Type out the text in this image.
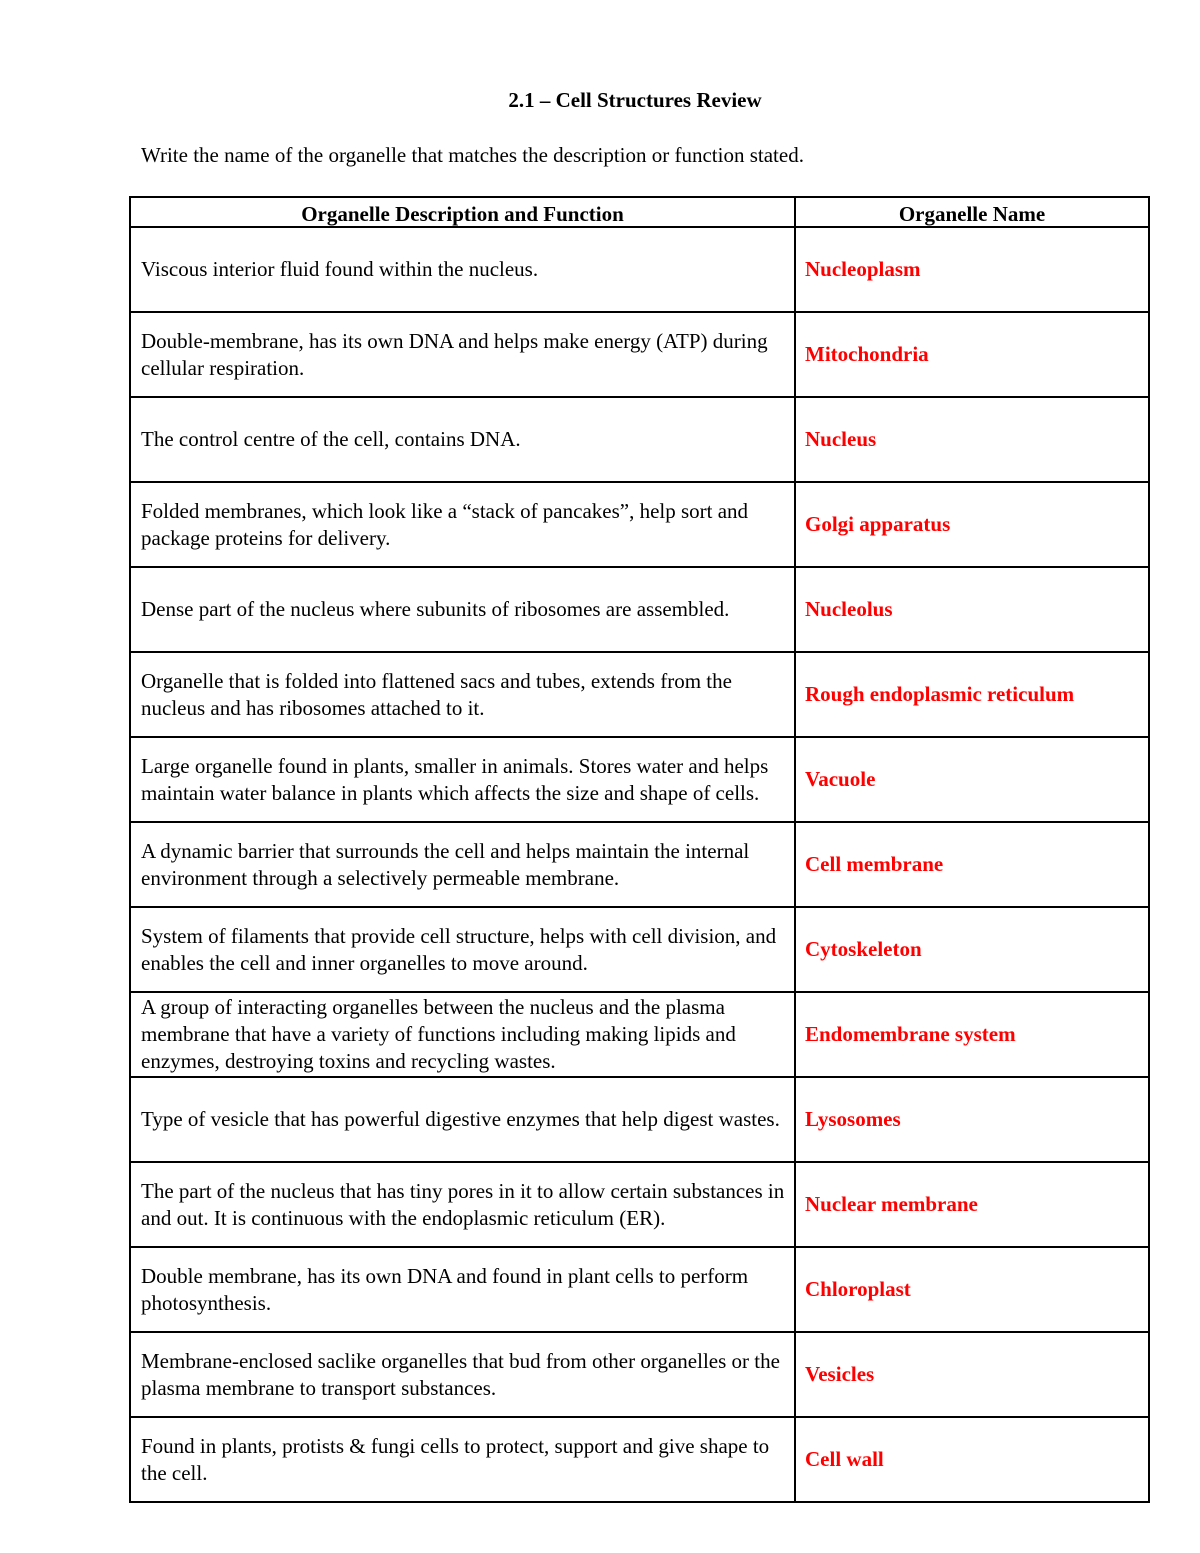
2.1 – Cell Structures Review

Write the name of the organelle that matches the description or function stated.

Organelle Description and Function	Organelle Name
Viscous interior fluid found within the nucleus.	Nucleoplasm
Double-membrane, has its own DNA and helps make energy (ATP) during cellular respiration.	Mitochondria
The control centre of the cell, contains DNA.	Nucleus
Folded membranes, which look like a “stack of pancakes”, help sort and package proteins for delivery.	Golgi apparatus
Dense part of the nucleus where subunits of ribosomes are assembled.	Nucleolus
Organelle that is folded into flattened sacs and tubes, extends from the nucleus and has ribosomes attached to it.	Rough endoplasmic reticulum
Large organelle found in plants, smaller in animals. Stores water and helps maintain water balance in plants which affects the size and shape of cells.	Vacuole
A dynamic barrier that surrounds the cell and helps maintain the internal environment through a selectively permeable membrane.	Cell membrane
System of filaments that provide cell structure, helps with cell division, and enables the cell and inner organelles to move around.	Cytoskeleton
A group of interacting organelles between the nucleus and the plasma membrane that have a variety of functions including making lipids and enzymes, destroying toxins and recycling wastes.	Endomembrane system
Type of vesicle that has powerful digestive enzymes that help digest wastes.	Lysosomes
The part of the nucleus that has tiny pores in it to allow certain substances in and out. It is continuous with the endoplasmic reticulum (ER).	Nuclear membrane
Double membrane, has its own DNA and found in plant cells to perform photosynthesis.	Chloroplast
Membrane-enclosed saclike organelles that bud from other organelles or the plasma membrane to transport substances.	Vesicles
Found in plants, protists & fungi cells to protect, support and give shape to the cell.	Cell wall
